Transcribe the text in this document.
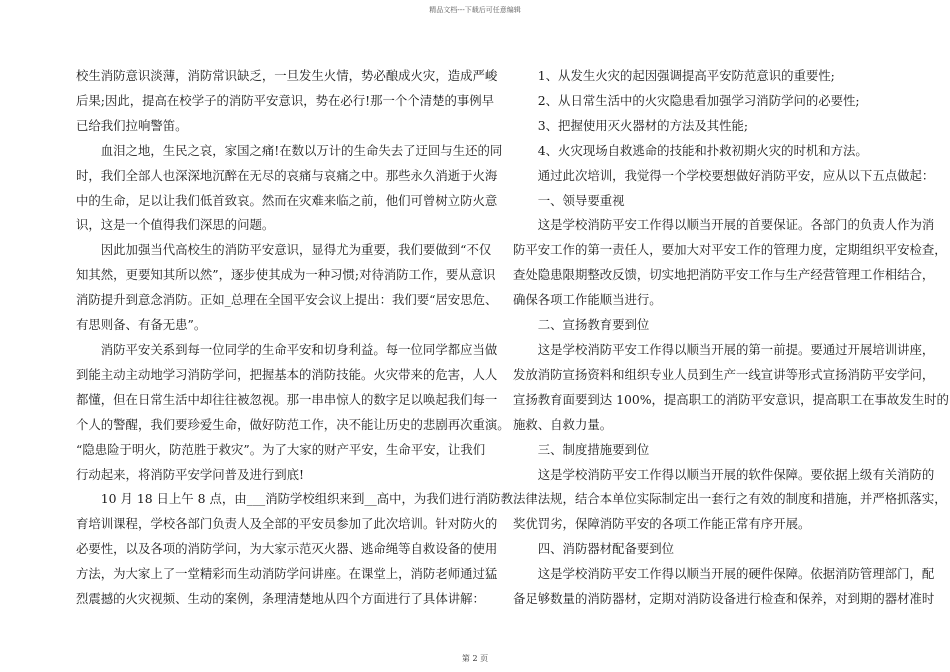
精品文档---下载后可任意编辑
校生消防意识淡薄，消防常识缺乏，一旦发生火情，势必酿成火灾，造成严峻
后果;因此，提高在校学子的消防平安意识，势在必行!那一个个清楚的事例早
已给我们拉响警笛。
　　血泪之地，生民之哀，家国之痛!在数以万计的生命失去了迂回与生还的同
时，我们全部人也深深地沉醉在无尽的哀痛与哀痛之中。那些永久消逝于火海
中的生命，足以让我们低首致哀。然而在灾难来临之前，他们可曾树立防火意
识，这是一个值得我们深思的问题。
　　因此加强当代高校生的消防平安意识，显得尤为重要，我们要做到“不仅
知其然，更要知其所以然”，逐步使其成为一种习惯;对待消防工作，要从意识
消防提升到意念消防。正如_总理在全国平安会议上提出：我们要“居安思危、
有思则备、有备无患”。
　　消防平安关系到每一位同学的生命平安和切身利益。每一位同学都应当做
到能主动主动地学习消防学问，把握基本的消防技能。火灾带来的危害，人人
都懂，但在日常生活中却往往被忽视。那一串串惊人的数字足以唤起我们每一
个人的警醒，我们要珍爱生命，做好防范工作，决不能让历史的悲剧再次重演。
“隐患险于明火，防范胜于救灾”。为了大家的财产平安，生命平安，让我们
行动起来，将消防平安学问普及进行到底!
　　10 月 18 日上午 8 点，由___消防学校组织来到__高中，为我们进行消防教
育培训课程，学校各部门负责人及全部的平安员参加了此次培训。针对防火的
必要性，以及各项的消防学问，为大家示范灭火器、逃命绳等自救设备的使用
方法，为大家上了一堂精彩而生动消防学问讲座。在课堂上，消防老师通过猛
烈震撼的火灾视频、生动的案例，条理清楚地从四个方面进行了具体讲解：
　　1、从发生火灾的起因强调提高平安防范意识的重要性;
　　2、从日常生活中的火灾隐患看加强学习消防学问的必要性;
　　3、把握使用灭火器材的方法及其性能;
　　4、火灾现场自救逃命的技能和扑救初期火灾的时机和方法。
　　通过此次培训，我觉得一个学校要想做好消防平安，应从以下五点做起：
　　一、领导要重视
　　这是学校消防平安工作得以顺当开展的首要保证。各部门的负责人作为消
防平安工作的第一责任人，要加大对平安工作的管理力度，定期组织平安检查，
查处隐患限期整改反馈，切实地把消防平安工作与生产经营管理工作相结合，
确保各项工作能顺当进行。
　　二、宣扬教育要到位
　　这是学校消防平安工作得以顺当开展的第一前提。要通过开展培训讲座，
发放消防宣扬资料和组织专业人员到生产一线宣讲等形式宣扬消防平安学问，
宣扬教育面要到达 100%，提高职工的消防平安意识，提高职工在事故发生时的
施救、自救力量。
　　三、制度措施要到位
　　这是学校消防平安工作得以顺当开展的软件保障。要依据上级有关消防的
法律法规，结合本单位实际制定出一套行之有效的制度和措施，并严格抓落实，
奖优罚劣，保障消防平安的各项工作能正常有序开展。
　　四、消防器材配备要到位
　　这是学校消防平安工作得以顺当开展的硬件保障。依据消防管理部门，配
备足够数量的消防器材，定期对消防设备进行检查和保养，对到期的器材准时
第 2 页
